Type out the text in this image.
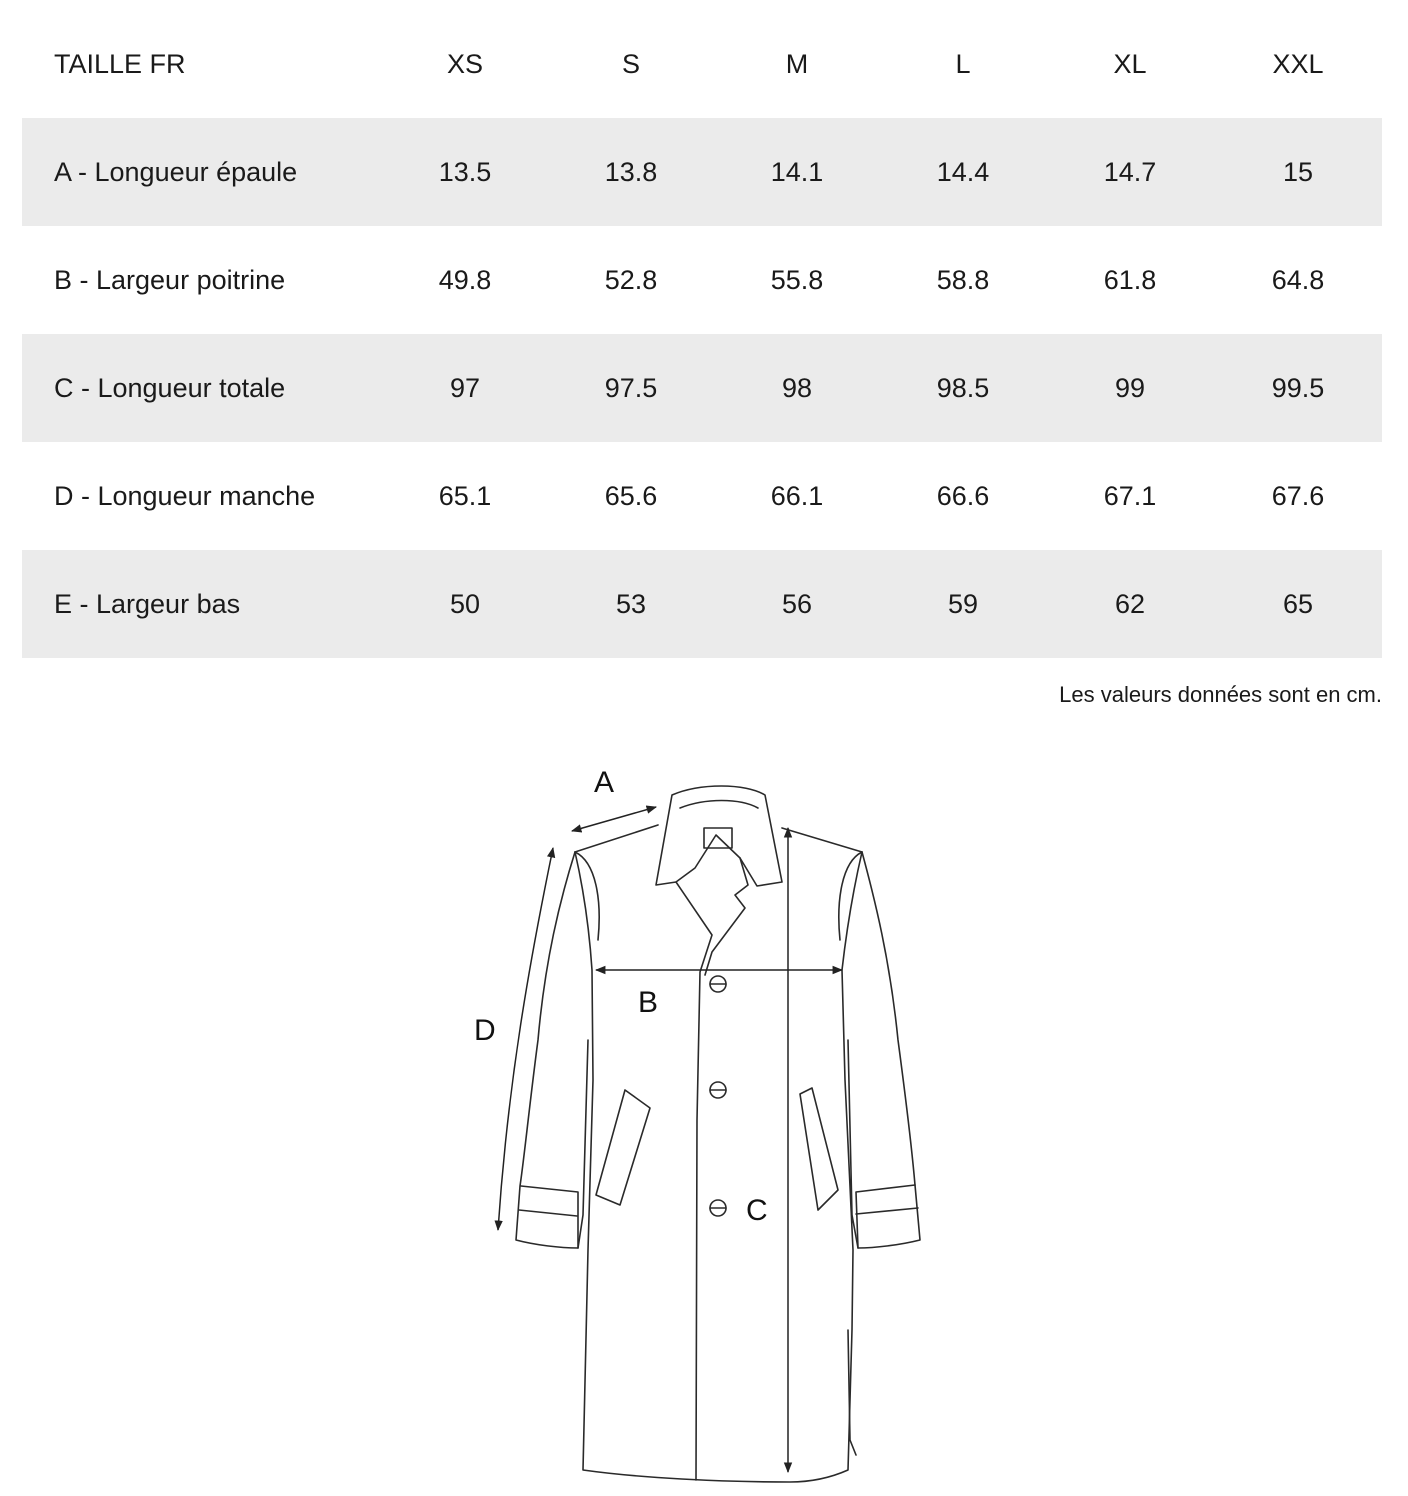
TAILLE FR	XS	S	M	L	XL	XXL
A - Longueur épaule	13.5	13.8	14.1	14.4	14.7	15
B - Largeur poitrine	49.8	52.8	55.8	58.8	61.8	64.8
C - Longueur totale	97	97.5	98	98.5	99	99.5
D - Longueur manche	65.1	65.6	66.1	66.6	67.1	67.6
E - Largeur bas	50	53	56	59	62	65
Les valeurs données sont en cm.
A
B
C
D
